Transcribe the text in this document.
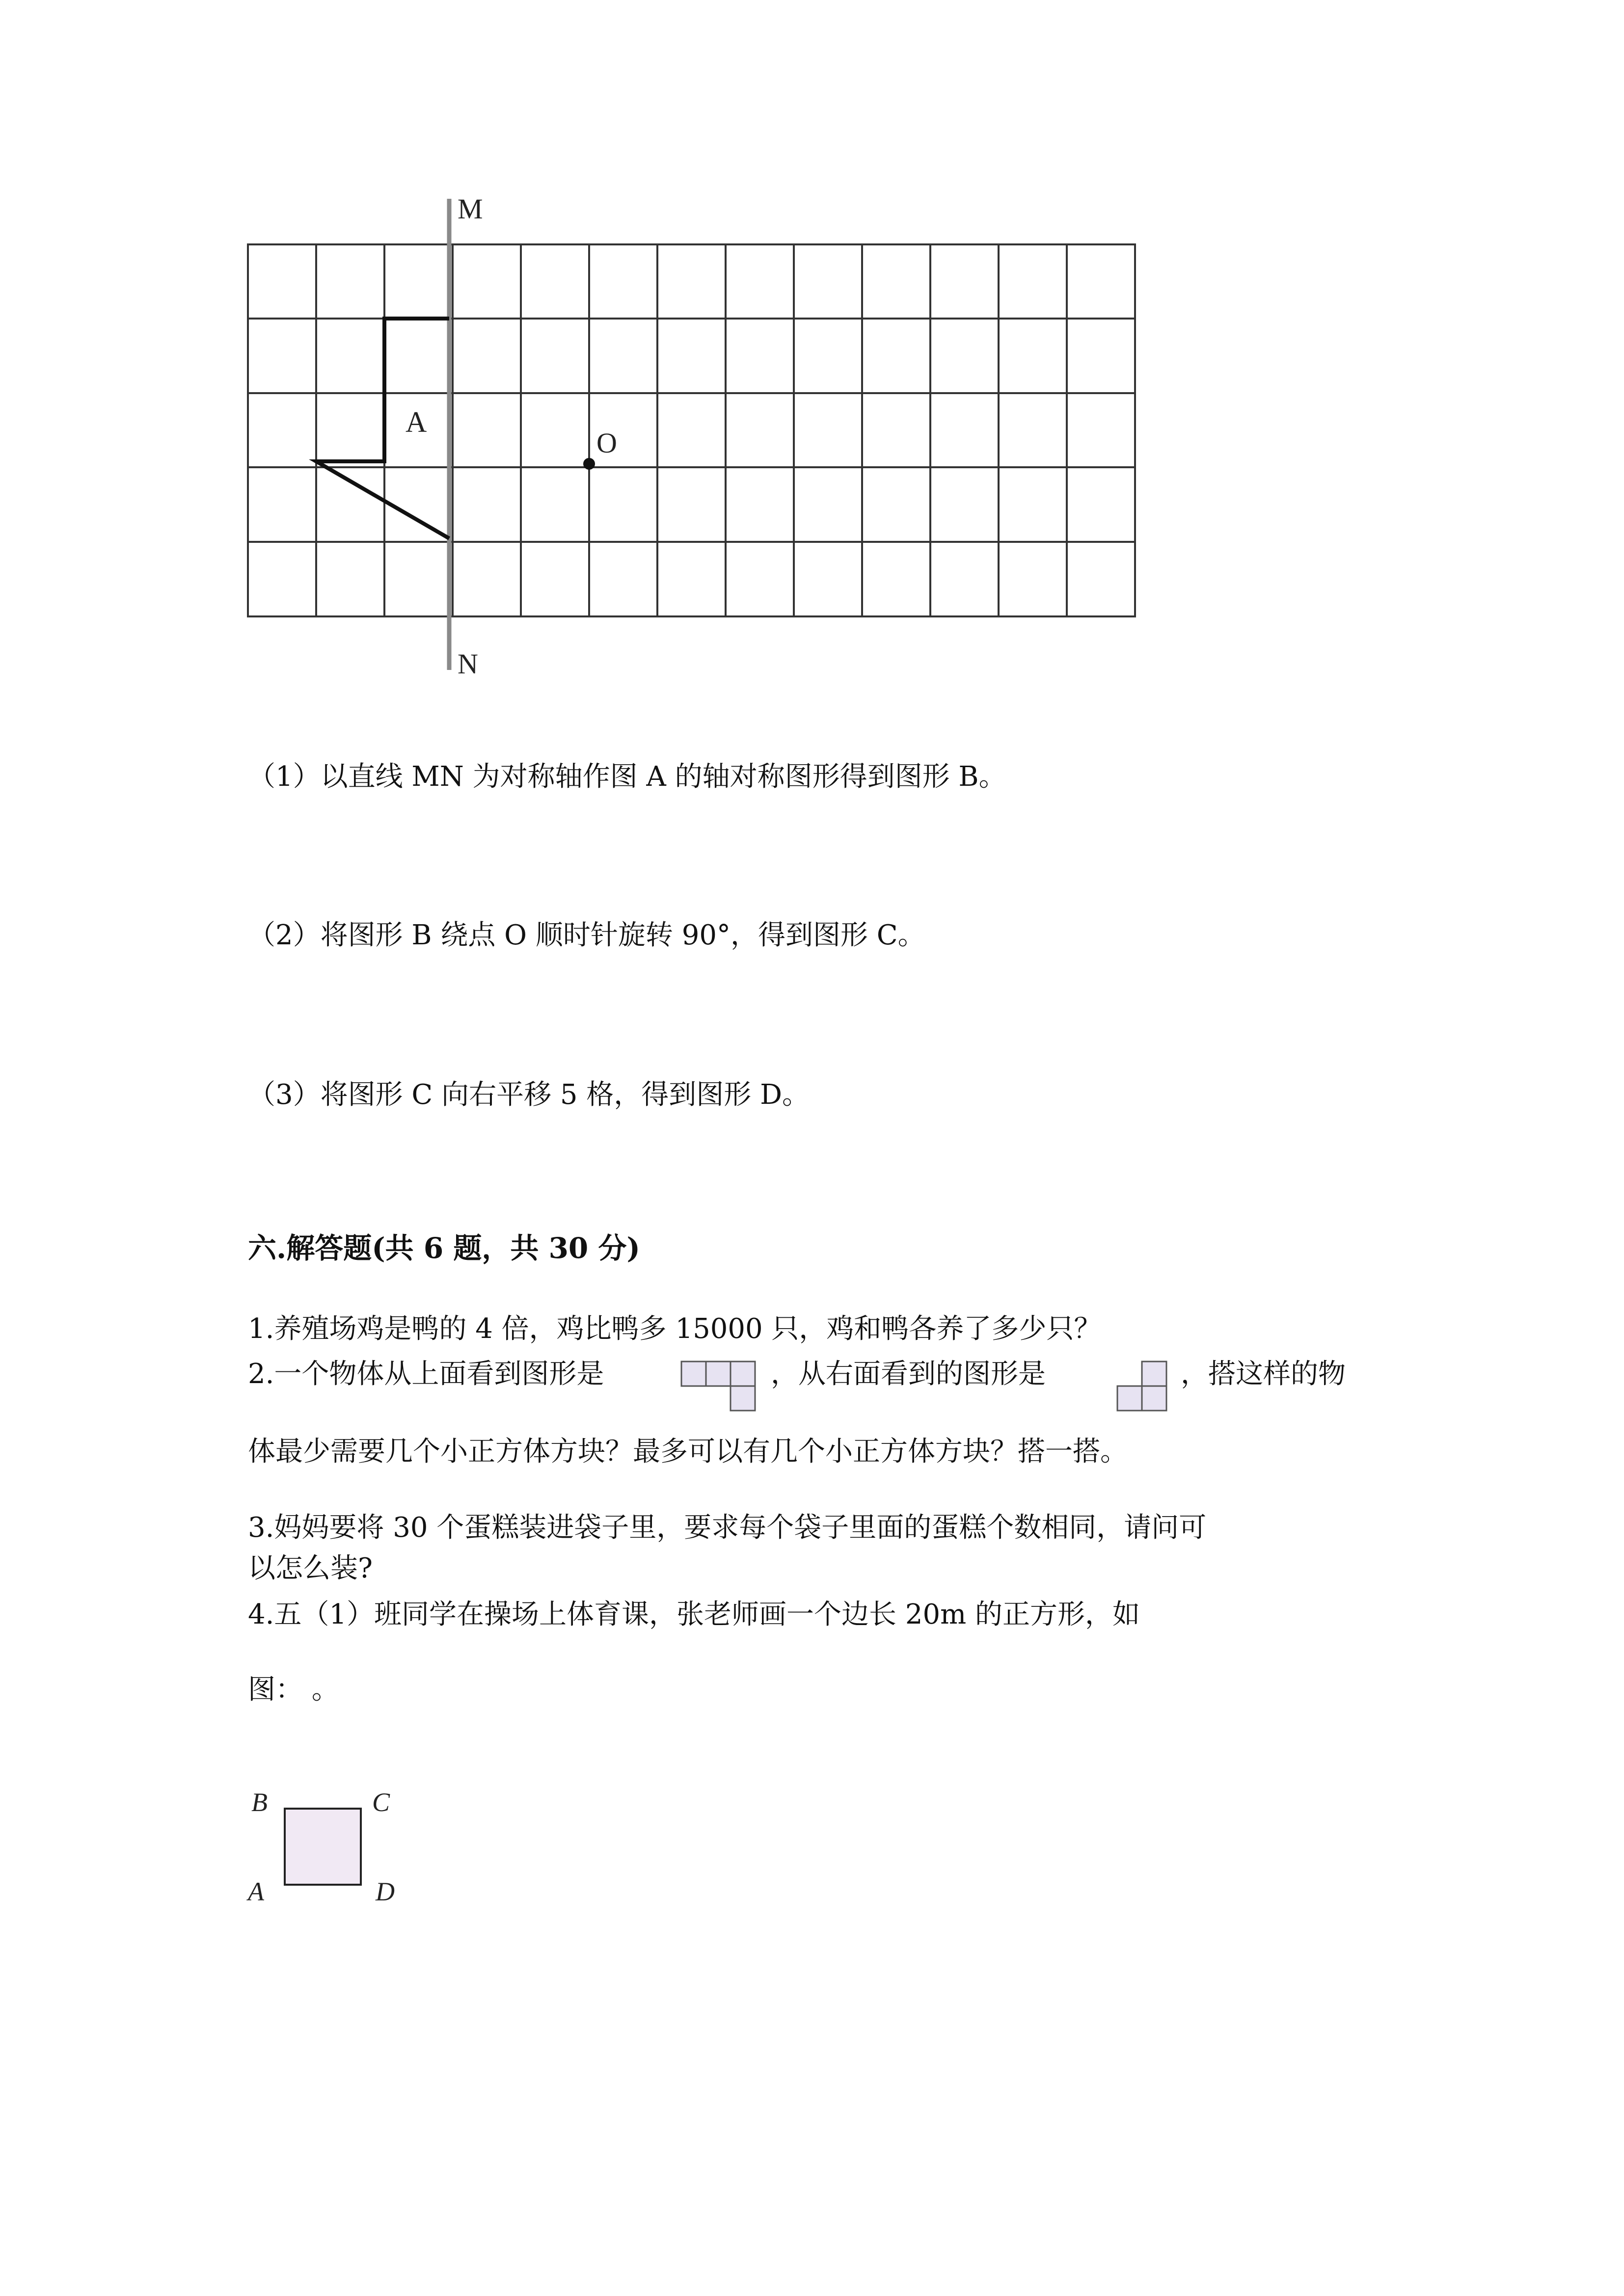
M
N
A
O
（1）以直线 MN 为对称轴作图 A 的轴对称图形得到图形 B。
（2）将图形 B 绕点 O 顺时针旋转 90°，得到图形 C。
（3）将图形 C 向右平移 5 格，得到图形 D。
六.解答题(共 6 题，共 30 分)
1.养殖场鸡是鸭的 4 倍，鸡比鸭多 15000 只，鸡和鸭各养了多少只？
2.一个物体从上面看到图形是	，从右面看到的图形是	，搭这样的物
体最少需要几个小正方体方块？最多可以有几个小正方体方块？搭一搭。
3.妈妈要将 30 个蛋糕装进袋子里，要求每个袋子里面的蛋糕个数相同，请问可
以怎么装?
4.五（1）班同学在操场上体育课，张老师画一个边长 20m 的正方形，如
图： 。
B	C
A	D
